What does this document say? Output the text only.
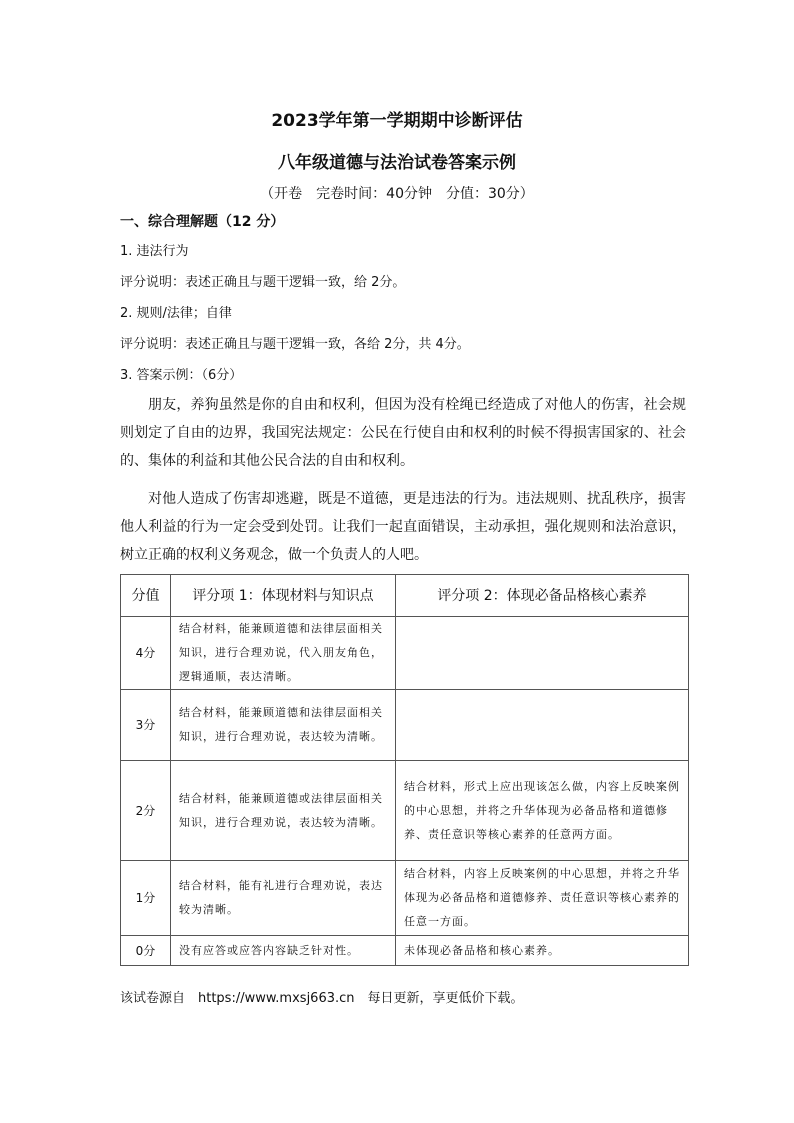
2023学年第一学期期中诊断评估
八年级道德与法治试卷答案示例
（开卷　完卷时间：40分钟　分值：30分）
一、综合理解题（12 分）
1. 违法行为
评分说明：表述正确且与题干逻辑一致，给 2分。
2. 规则/法律；自律
评分说明：表述正确且与题干逻辑一致，各给 2分，共 4分。
3. 答案示例：（6分）
朋友，养狗虽然是你的自由和权利，但因为没有栓绳已经造成了对他人的伤害，社会规则划定了自由的边界，我国宪法规定：公民在行使自由和权利的时候不得损害国家的、社会的、集体的利益和其他公民合法的自由和权利。
对他人造成了伤害却逃避，既是不道德，更是违法的行为。违法规则、扰乱秩序，损害他人利益的行为一定会受到处罚。让我们一起直面错误，主动承担，强化规则和法治意识，树立正确的权利义务观念，做一个负责人的人吧。
分值	评分项 1：体现材料与知识点	评分项 2：体现必备品格核心素养
4分	结合材料，能兼顾道德和法律层面相关知识，进行合理劝说，代入朋友角色，逻辑通顺，表达清晰。	
3分	结合材料，能兼顾道德和法律层面相关知识，进行合理劝说，表达较为清晰。	
2分	结合材料，能兼顾道德或法律层面相关知识，进行合理劝说，表达较为清晰。	结合材料，形式上应出现该怎么做，内容上反映案例的中心思想，并将之升华体现为必备品格和道德修养、责任意识等核心素养的任意两方面。
1分	结合材料，能有礼进行合理劝说，表达较为清晰。	结合材料，内容上反映案例的中心思想，并将之升华体现为必备品格和道德修养、责任意识等核心素养的任意一方面。
0分	没有应答或应答内容缺乏针对性。	未体现必备品格和核心素养。
该试卷源自　https://www.mxsj663.cn　每日更新，享更低价下载。
